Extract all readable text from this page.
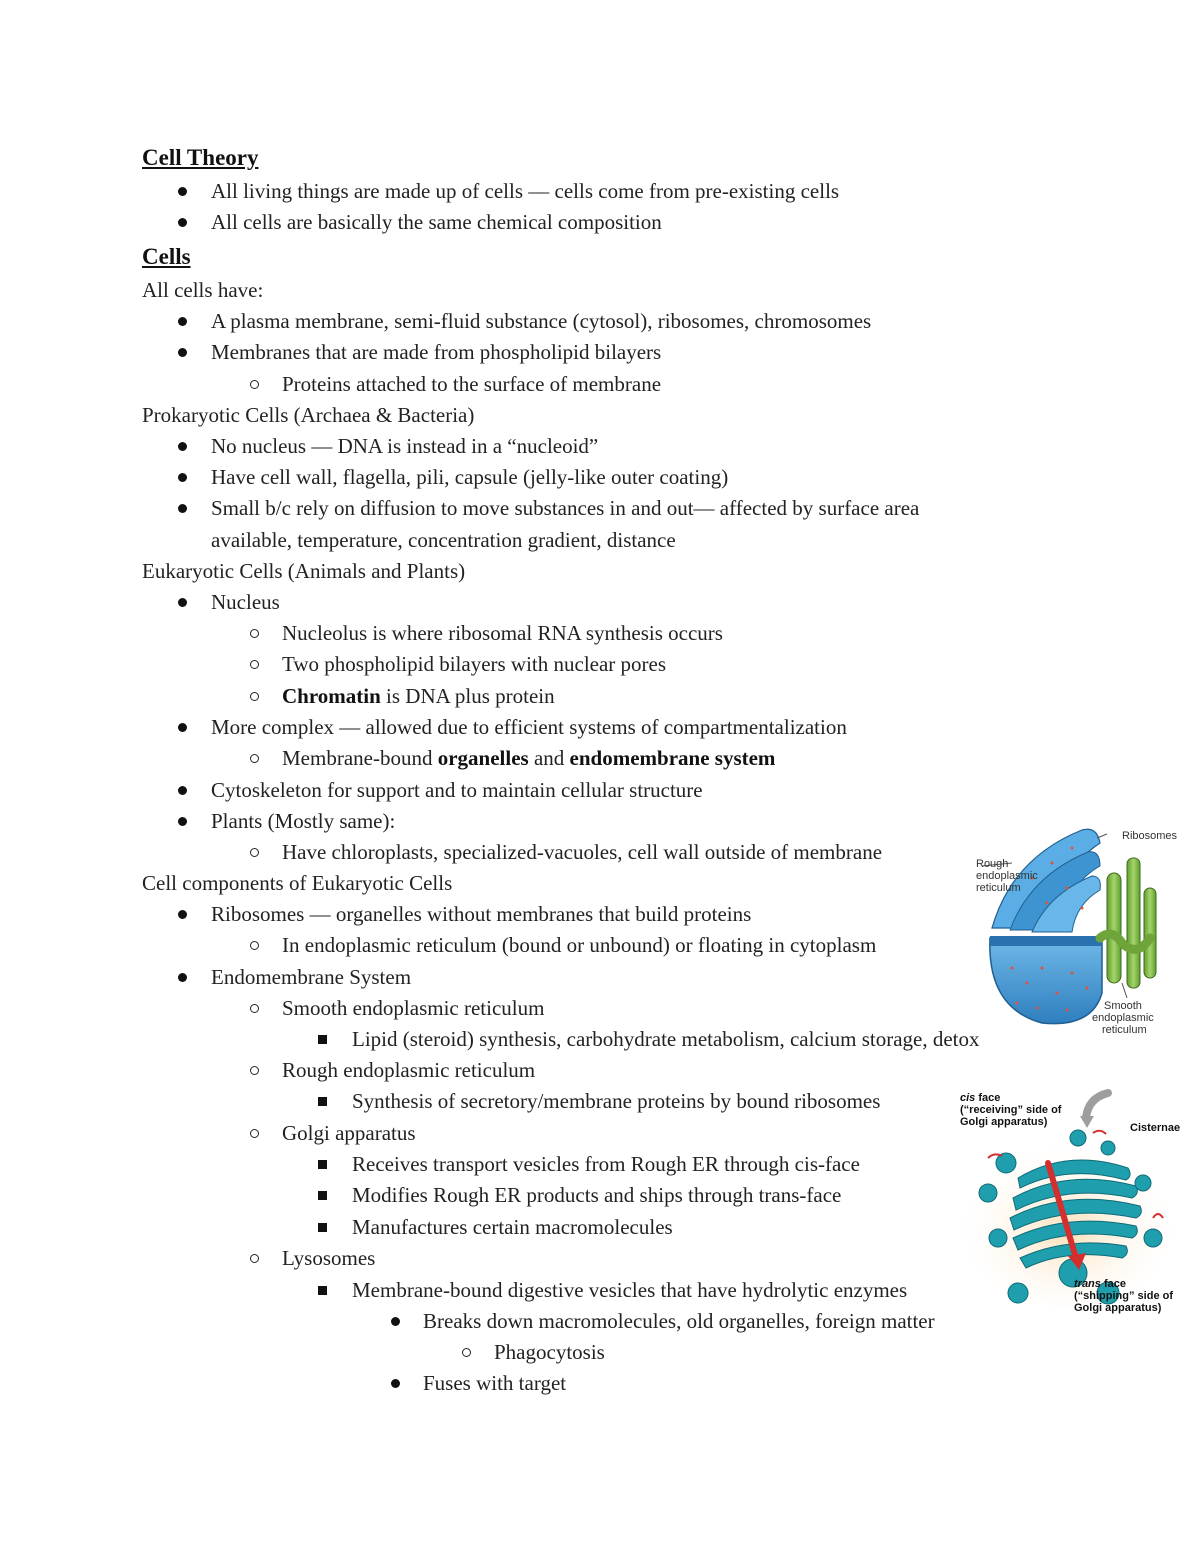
Cell Theory
All living things are made up of cells — cells come from pre-existing cells
All cells are basically the same chemical composition
Cells
All cells have:
A plasma membrane, semi-fluid substance (cytosol), ribosomes, chromosomes
Membranes that are made from phospholipid bilayers
Proteins attached to the surface of membrane
Prokaryotic Cells (Archaea & Bacteria)
No nucleus — DNA is instead in a “nucleoid”
Have cell wall, flagella, pili, capsule (jelly-like outer coating)
Small b/c rely on diffusion to move substances in and out— affected by surface area
available, temperature, concentration gradient, distance
Eukaryotic Cells (Animals and Plants)
Nucleus
Nucleolus is where ribosomal RNA synthesis occurs
Two phospholipid bilayers with nuclear pores
Chromatin is DNA plus protein
More complex — allowed due to efficient systems of compartmentalization
Membrane-bound organelles and endomembrane system
Cytoskeleton for support and to maintain cellular structure
Plants (Mostly same):
Have chloroplasts, specialized-vacuoles, cell wall outside of membrane
Cell components of Eukaryotic Cells
Ribosomes — organelles without membranes that build proteins
In endoplasmic reticulum (bound or unbound) or floating in cytoplasm
Endomembrane System
Smooth endoplasmic reticulum
Lipid (steroid) synthesis, carbohydrate metabolism, calcium storage, detox
Rough endoplasmic reticulum
Synthesis of secretory/membrane proteins by bound ribosomes
Golgi apparatus
Receives transport vesicles from Rough ER through cis-face
Modifies Rough ER products and ships through trans-face
Manufactures certain macromolecules
Lysosomes
Membrane-bound digestive vesicles that have hydrolytic enzymes
Breaks down macromolecules, old organelles, foreign matter
Phagocytosis
Fuses with target
Ribosomes
Rough
endoplasmic
reticulum
Smooth
endoplasmic
reticulum
cis face
(“receiving” side of
Golgi apparatus)	Cisternae
trans face
(“shipping” side of
Golgi apparatus)
